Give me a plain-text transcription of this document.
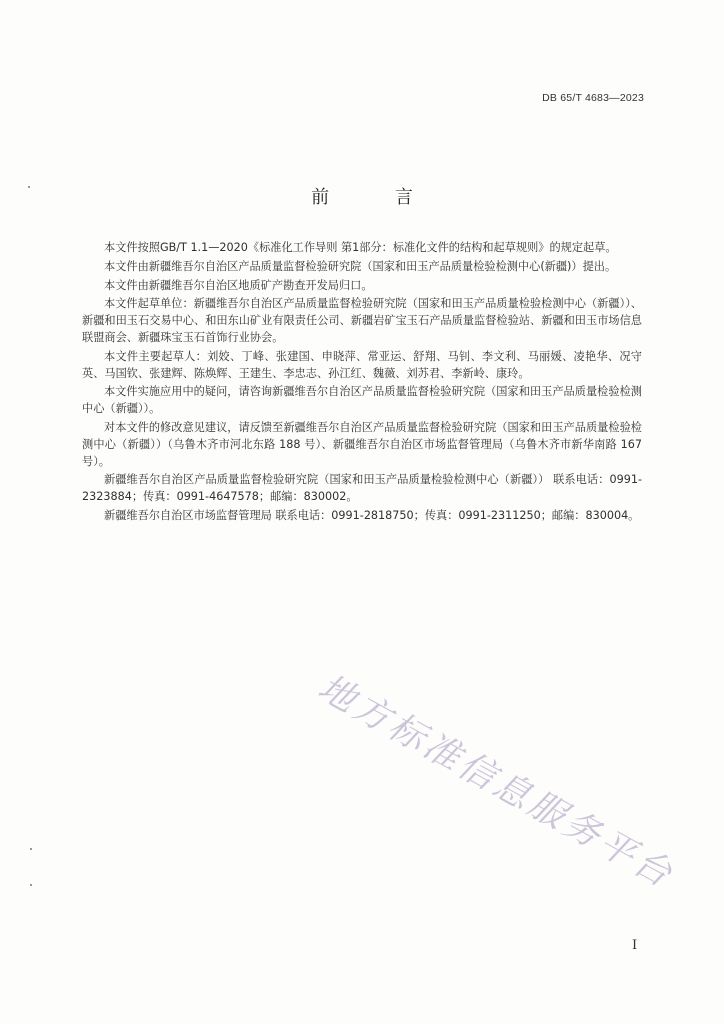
DB 65/T 4683—2023
前 言

本文件按照GB/T 1.1—2020《标准化工作导则 第1部分：标准化文件的结构和起草规则》的规定起草。

本文件由新疆维吾尔自治区产品质量监督检验研究院（国家和田玉产品质量检验检测中心(新疆)）提出。

本文件由新疆维吾尔自治区地质矿产勘查开发局归口。

本文件起草单位：新疆维吾尔自治区产品质量监督检验研究院（国家和田玉产品质量检验检测中心（新疆））、新疆和田玉石交易中心、和田东山矿业有限责任公司、新疆岩矿宝玉石产品质量监督检验站、新疆和田玉市场信息联盟商会、新疆珠宝玉石首饰行业协会。

本文件主要起草人：刘姣、丁峰、张建国、申晓萍、常亚运、舒翔、马钊、李文利、马丽媛、凌艳华、况守英、马国钦、张建辉、陈焕辉、王建生、李忠志、孙江红、魏薇、刘苏君、李新岭、康玲。

本文件实施应用中的疑问，请咨询新疆维吾尔自治区产品质量监督检验研究院（国家和田玉产品质量检验检测中心（新疆））。

对本文件的修改意见建议，请反馈至新疆维吾尔自治区产品质量监督检验研究院（国家和田玉产品质量检验检测中心（新疆））（乌鲁木齐市河北东路 188 号）、新疆维吾尔自治区市场监督管理局（乌鲁木齐市新华南路 167 号）。

新疆维吾尔自治区产品质量监督检验研究院（国家和田玉产品质量检验检测中心（新疆）） 联系电话：0991-2323884；传真：0991-4647578；邮编：830002。

新疆维吾尔自治区市场监督管理局 联系电话：0991-2818750；传真：0991-2311250；邮编：830004。

地方标准信息服务平台
I
